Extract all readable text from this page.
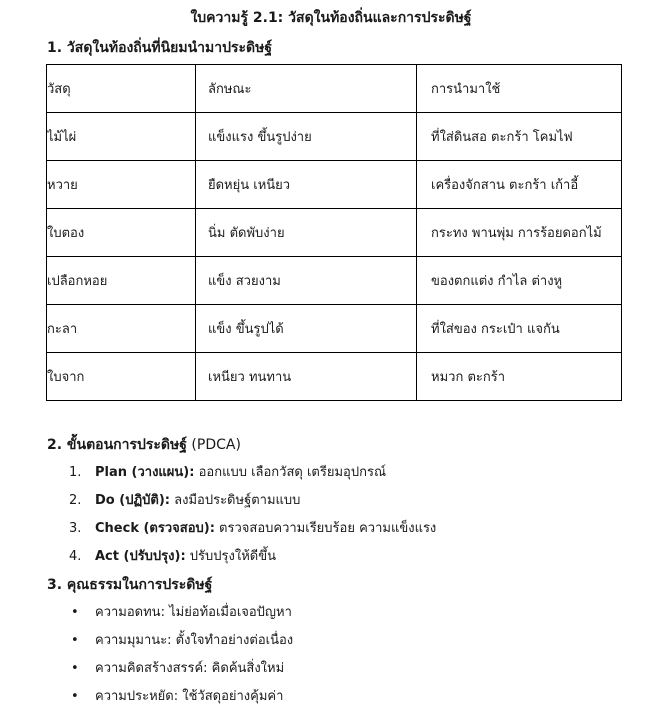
ใบความรู้ 2.1: วัสดุในท้องถิ่นและการประดิษฐ์
1. วัสดุในท้องถิ่นที่นิยมนำมาประดิษฐ์
วัสดุ	ลักษณะ	การนำมาใช้
ไม้ไผ่	แข็งแรง ขึ้นรูปง่าย	ที่ใส่ดินสอ ตะกร้า โคมไฟ
หวาย	ยืดหยุ่น เหนียว	เครื่องจักสาน ตะกร้า เก้าอี้
ใบตอง	นิ่ม ตัดพับง่าย	กระทง พานพุ่ม การร้อยดอกไม้
เปลือกหอย	แข็ง สวยงาม	ของตกแต่ง กำไล ต่างหู
กะลา	แข็ง ขึ้นรูปได้	ที่ใส่ของ กระเป๋า แจกัน
ใบจาก	เหนียว ทนทาน	หมวก ตะกร้า
2. ขั้นตอนการประดิษฐ์ (PDCA)
1. Plan (วางแผน): ออกแบบ เลือกวัสดุ เตรียมอุปกรณ์
2. Do (ปฏิบัติ): ลงมือประดิษฐ์ตามแบบ
3. Check (ตรวจสอบ): ตรวจสอบความเรียบร้อย ความแข็งแรง
4. Act (ปรับปรุง): ปรับปรุงให้ดีขึ้น
3. คุณธรรมในการประดิษฐ์
• ความอดทน: ไม่ย่อท้อเมื่อเจอปัญหา
• ความมุมานะ: ตั้งใจทำอย่างต่อเนื่อง
• ความคิดสร้างสรรค์: คิดค้นสิ่งใหม่
• ความประหยัด: ใช้วัสดุอย่างคุ้มค่า
